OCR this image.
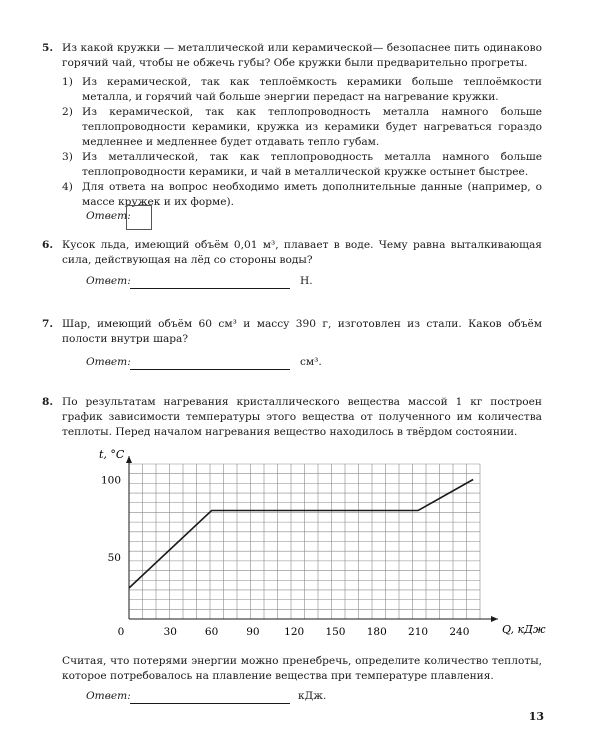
5. Из какой кружки — металлической или керамической— безопаснее пить одинаково горячий чай, чтобы не обжечь губы? Обе кружки были предварительно прогреты.
1) Из керамической, так как теплоёмкость керамики больше теплоёмкости металла, и горячий чай больше энергии передаст на нагревание кружки.
2) Из керамической, так как теплопроводность металла намного больше теплопроводности керамики, кружка из керамики будет нагреваться гораздо медленнее и медленнее будет отдавать тепло губам.
3) Из металлической, так как теплопроводность металла намного больше теплопроводности керамики, и чай в металлической кружке остынет быстрее.
4) Для ответа на вопрос необходимо иметь дополнительные данные (например, о массе кружек и их форме).
Ответ:
6. Кусок льда, имеющий объём 0,01 м³, плавает в воде. Чему равна выталкивающая сила, действующая на лёд со стороны воды?
Ответ:	Н.
7. Шар, имеющий объём 60 см³ и массу 390 г, изготовлен из стали. Каков объём полости внутри шара?
Ответ:	см³.
8. По результатам нагревания кристаллического вещества массой 1 кг построен график зависимости температуры этого вещества от полученного им количества теплоты. Перед началом нагревания вещество находилось в твёрдом состоянии.
0	30	60	90 120 150 180 210 240
50
100
Q, кДж
t, °C
Считая, что потерями энергии можно пренебречь, определите количество теплоты, которое потребовалось на плавление вещества при температуре плавления.
Ответ:	кДж.
13
